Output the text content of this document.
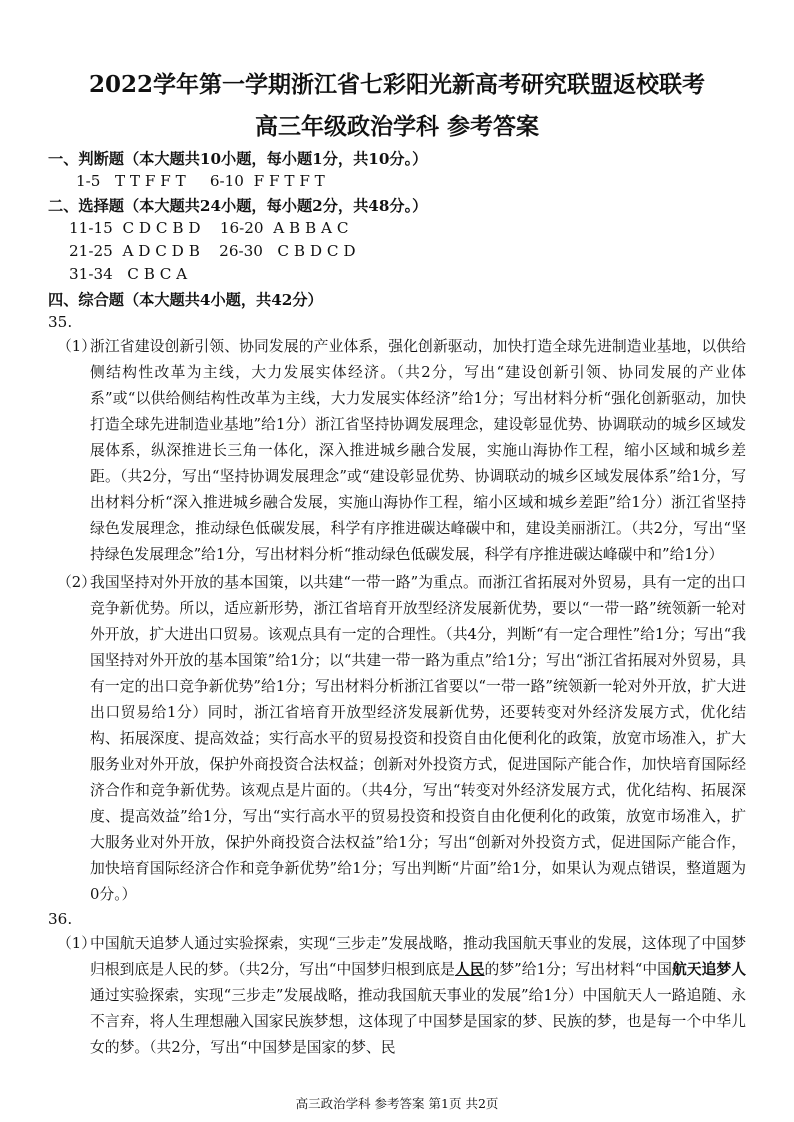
2022学年第一学期浙江省七彩阳光新高考研究联盟返校联考
高三年级政治学科 参考答案
一、判断题（本大题共10小题，每小题1分，共10分。）
1-5   T T F F T     6-10  F F T F T
二、选择题（本大题共24小题，每小题2分，共48分。）
11-15  C D C B D    16-20  A B B A C
21-25  A D C D B    26-30   C B D C D
31-34   C B C A
四、综合题（本大题共4小题，共42分）
35.
（1）
浙江省建设创新引领、协同发展的产业体系，强化创新驱动，加快打造全球先进制造业基地，以供给侧结构性改革为主线，大力发展实体经济。（共2分，写出“建设创新引领、协同发展的产业体系”或“以供给侧结构性改革为主线，大力发展实体经济”给1分；写出材料分析“强化创新驱动，加快打造全球先进制造业基地”给1分）浙江省坚持协调发展理念，建设彰显优势、协调联动的城乡区域发展体系，纵深推进长三角一体化，深入推进城乡融合发展，实施山海协作工程，缩小区域和城乡差距。（共2分，写出“坚持协调发展理念”或“建设彰显优势、协调联动的城乡区域发展体系”给1分，写出材料分析“深入推进城乡融合发展，实施山海协作工程，缩小区域和城乡差距”给1分）浙江省坚持绿色发展理念，推动绿色低碳发展，科学有序推进碳达峰碳中和，建设美丽浙江。（共2分，写出“坚持绿色发展理念”给1分，写出材料分析“推动绿色低碳发展，科学有序推进碳达峰碳中和”给1分）
（2）
我国坚持对外开放的基本国策，以共建“一带一路”为重点。而浙江省拓展对外贸易，具有一定的出口竞争新优势。所以，适应新形势，浙江省培育开放型经济发展新优势，要以“一带一路”统领新一轮对外开放，扩大进出口贸易。该观点具有一定的合理性。（共4分，判断“有一定合理性”给1分；写出“我国坚持对外开放的基本国策”给1分；以“共建一带一路为重点”给1分；写出“浙江省拓展对外贸易，具有一定的出口竞争新优势”给1分；写出材料分析浙江省要以“一带一路”统领新一轮对外开放，扩大进出口贸易给1分）同时，浙江省培育开放型经济发展新优势，还要转变对外经济发展方式，优化结构、拓展深度、提高效益；实行高水平的贸易投资和投资自由化便利化的政策，放宽市场准入，扩大服务业对外开放，保护外商投资合法权益；创新对外投资方式，促进国际产能合作，加快培育国际经济合作和竞争新优势。该观点是片面的。（共4分，写出“转变对外经济发展方式，优化结构、拓展深度、提高效益”给1分，写出“实行高水平的贸易投资和投资自由化便利化的政策，放宽市场准入，扩大服务业对外开放，保护外商投资合法权益”给1分；写出“创新对外投资方式，促进国际产能合作，加快培育国际经济合作和竞争新优势”给1分；写出判断“片面”给1分，如果认为观点错误，整道题为0分。）
36.
（1）
中国航天追梦人通过实验探索，实现“三步走”发展战略，推动我国航天事业的发展，这体现了中国梦归根到底是人民的梦。（共2分，写出“中国梦归根到底是人民的梦”给1分；写出材料“中国航天追梦人通过实验探索，实现“三步走”发展战略，推动我国航天事业的发展”给1分）中国航天人一路追随、永不言弃，将人生理想融入国家民族梦想，这体现了中国梦是国家的梦、民族的梦，也是每一个中华儿女的梦。（共2分，写出“中国梦是国家的梦、民
高三政治学科 参考答案 第1页 共2页
